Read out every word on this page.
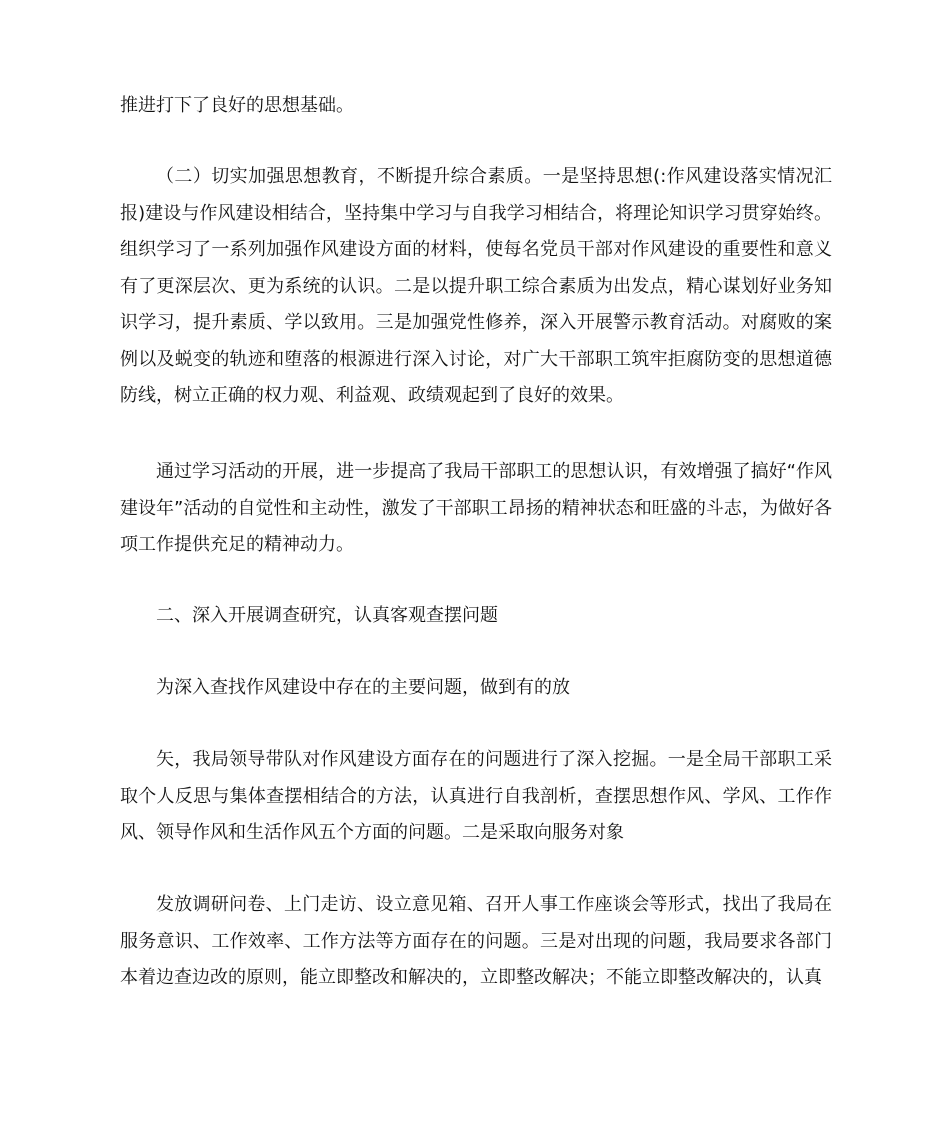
推进打下了良好的思想基础。

（二）切实加强思想教育，不断提升综合素质。一是坚持思想(:作风建设落实情况汇报)建设与作风建设相结合，坚持集中学习与自我学习相结合，将理论知识学习贯穿始终。组织学习了一系列加强作风建设方面的材料，使每名党员干部对作风建设的重要性和意义有了更深层次、更为系统的认识。二是以提升职工综合素质为出发点，精心谋划好业务知识学习，提升素质、学以致用。三是加强党性修养，深入开展警示教育活动。对腐败的案例以及蜕变的轨迹和堕落的根源进行深入讨论，对广大干部职工筑牢拒腐防变的思想道德防线，树立正确的权力观、利益观、政绩观起到了良好的效果。

通过学习活动的开展，进一步提高了我局干部职工的思想认识，有效增强了搞好“作风建设年”活动的自觉性和主动性，激发了干部职工昂扬的精神状态和旺盛的斗志，为做好各项工作提供充足的精神动力。

二、深入开展调查研究，认真客观查摆问题

为深入查找作风建设中存在的主要问题，做到有的放

矢，我局领导带队对作风建设方面存在的问题进行了深入挖掘。一是全局干部职工采取个人反思与集体查摆相结合的方法，认真进行自我剖析，查摆思想作风、学风、工作作风、领导作风和生活作风五个方面的问题。二是采取向服务对象

发放调研问卷、上门走访、设立意见箱、召开人事工作座谈会等形式，找出了我局在服务意识、工作效率、工作方法等方面存在的问题。三是对出现的问题，我局要求各部门本着边查边改的原则，能立即整改和解决的，立即整改解决；不能立即整改解决的，认真
